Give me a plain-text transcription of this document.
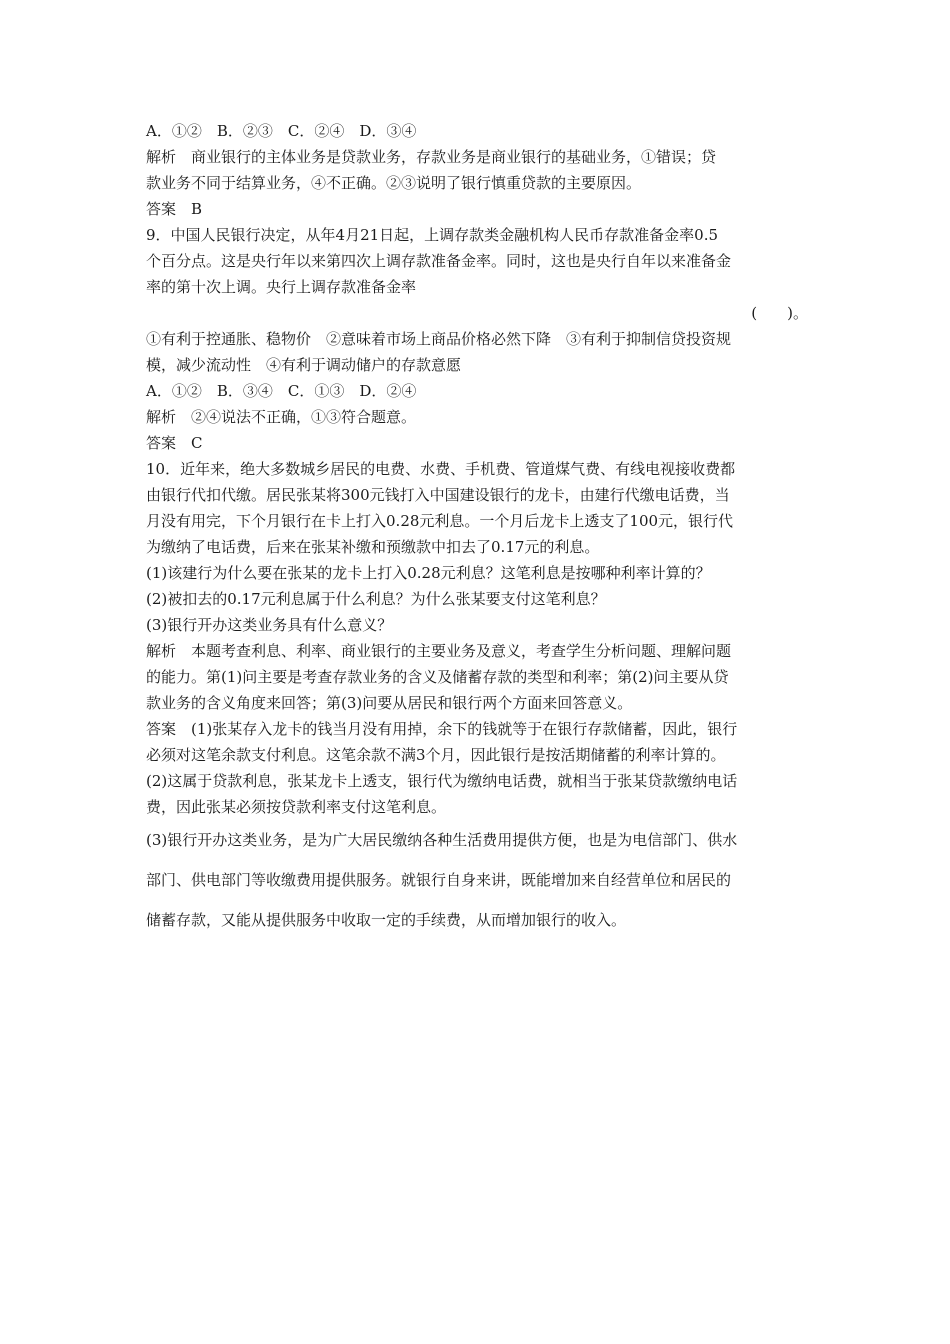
A．①②　B．②③　C．②④　D．③④
解析　商业银行的主体业务是贷款业务，存款业务是商业银行的基础业务，①错误；贷
款业务不同于结算业务，④不正确。②③说明了银行慎重贷款的主要原因。
答案　B
9．中国人民银行决定，从年4月21日起，上调存款类金融机构人民币存款准备金率0.5
个百分点。这是央行年以来第四次上调存款准备金率。同时，这也是央行自年以来准备金
率的第十次上调。央行上调存款准备金率
(　　)。
①有利于控通胀、稳物价　②意味着市场上商品价格必然下降　③有利于抑制信贷投资规
模，减少流动性　④有利于调动储户的存款意愿
A．①②　B．③④　C．①③　D．②④
解析　②④说法不正确，①③符合题意。
答案　C
10．近年来，绝大多数城乡居民的电费、水费、手机费、管道煤气费、有线电视接收费都
由银行代扣代缴。居民张某将300元钱打入中国建设银行的龙卡，由建行代缴电话费，当
月没有用完，下个月银行在卡上打入0.28元利息。一个月后龙卡上透支了100元，银行代
为缴纳了电话费，后来在张某补缴和预缴款中扣去了0.17元的利息。
(1)该建行为什么要在张某的龙卡上打入0.28元利息？这笔利息是按哪种利率计算的？
(2)被扣去的0.17元利息属于什么利息？为什么张某要支付这笔利息？
(3)银行开办这类业务具有什么意义？
解析　本题考查利息、利率、商业银行的主要业务及意义，考查学生分析问题、理解问题
的能力。第(1)问主要是考查存款业务的含义及储蓄存款的类型和利率；第(2)问主要从贷
款业务的含义角度来回答；第(3)问要从居民和银行两个方面来回答意义。
答案　(1)张某存入龙卡的钱当月没有用掉，余下的钱就等于在银行存款储蓄，因此，银行
必须对这笔余款支付利息。这笔余款不满3个月，因此银行是按活期储蓄的利率计算的。
(2)这属于贷款利息，张某龙卡上透支，银行代为缴纳电话费，就相当于张某贷款缴纳电话
费，因此张某必须按贷款利率支付这笔利息。
(3)银行开办这类业务，是为广大居民缴纳各种生活费用提供方便，也是为电信部门、供水
部门、供电部门等收缴费用提供服务。就银行自身来讲，既能增加来自经营单位和居民的
储蓄存款，又能从提供服务中收取一定的手续费，从而增加银行的收入。
